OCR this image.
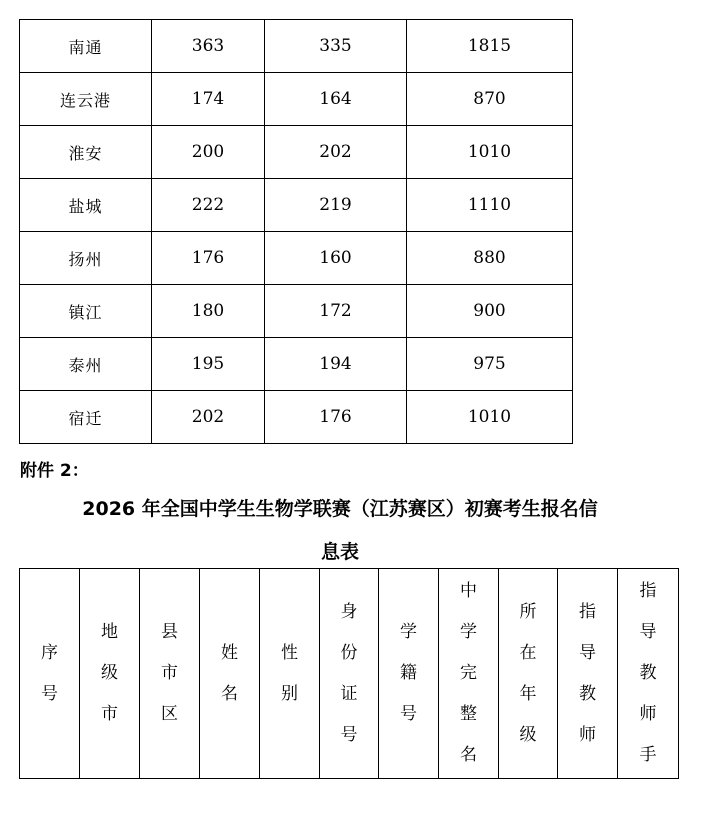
南通	363	335	1815
连云港	174	164	870
淮安	200	202	1010
盐城	222	219	1110
扬州	176	160	880
镇江	180	172	900
泰州	195	194	975
宿迁	202	176	1010
附件 2：
2026 年全国中学生生物学联赛（江苏赛区）初赛考生报名信
息表
序号	地级市	县市区	姓名	性别	身份证号	学籍号	中学完整名	所在年级	指导教师	指导教师手
